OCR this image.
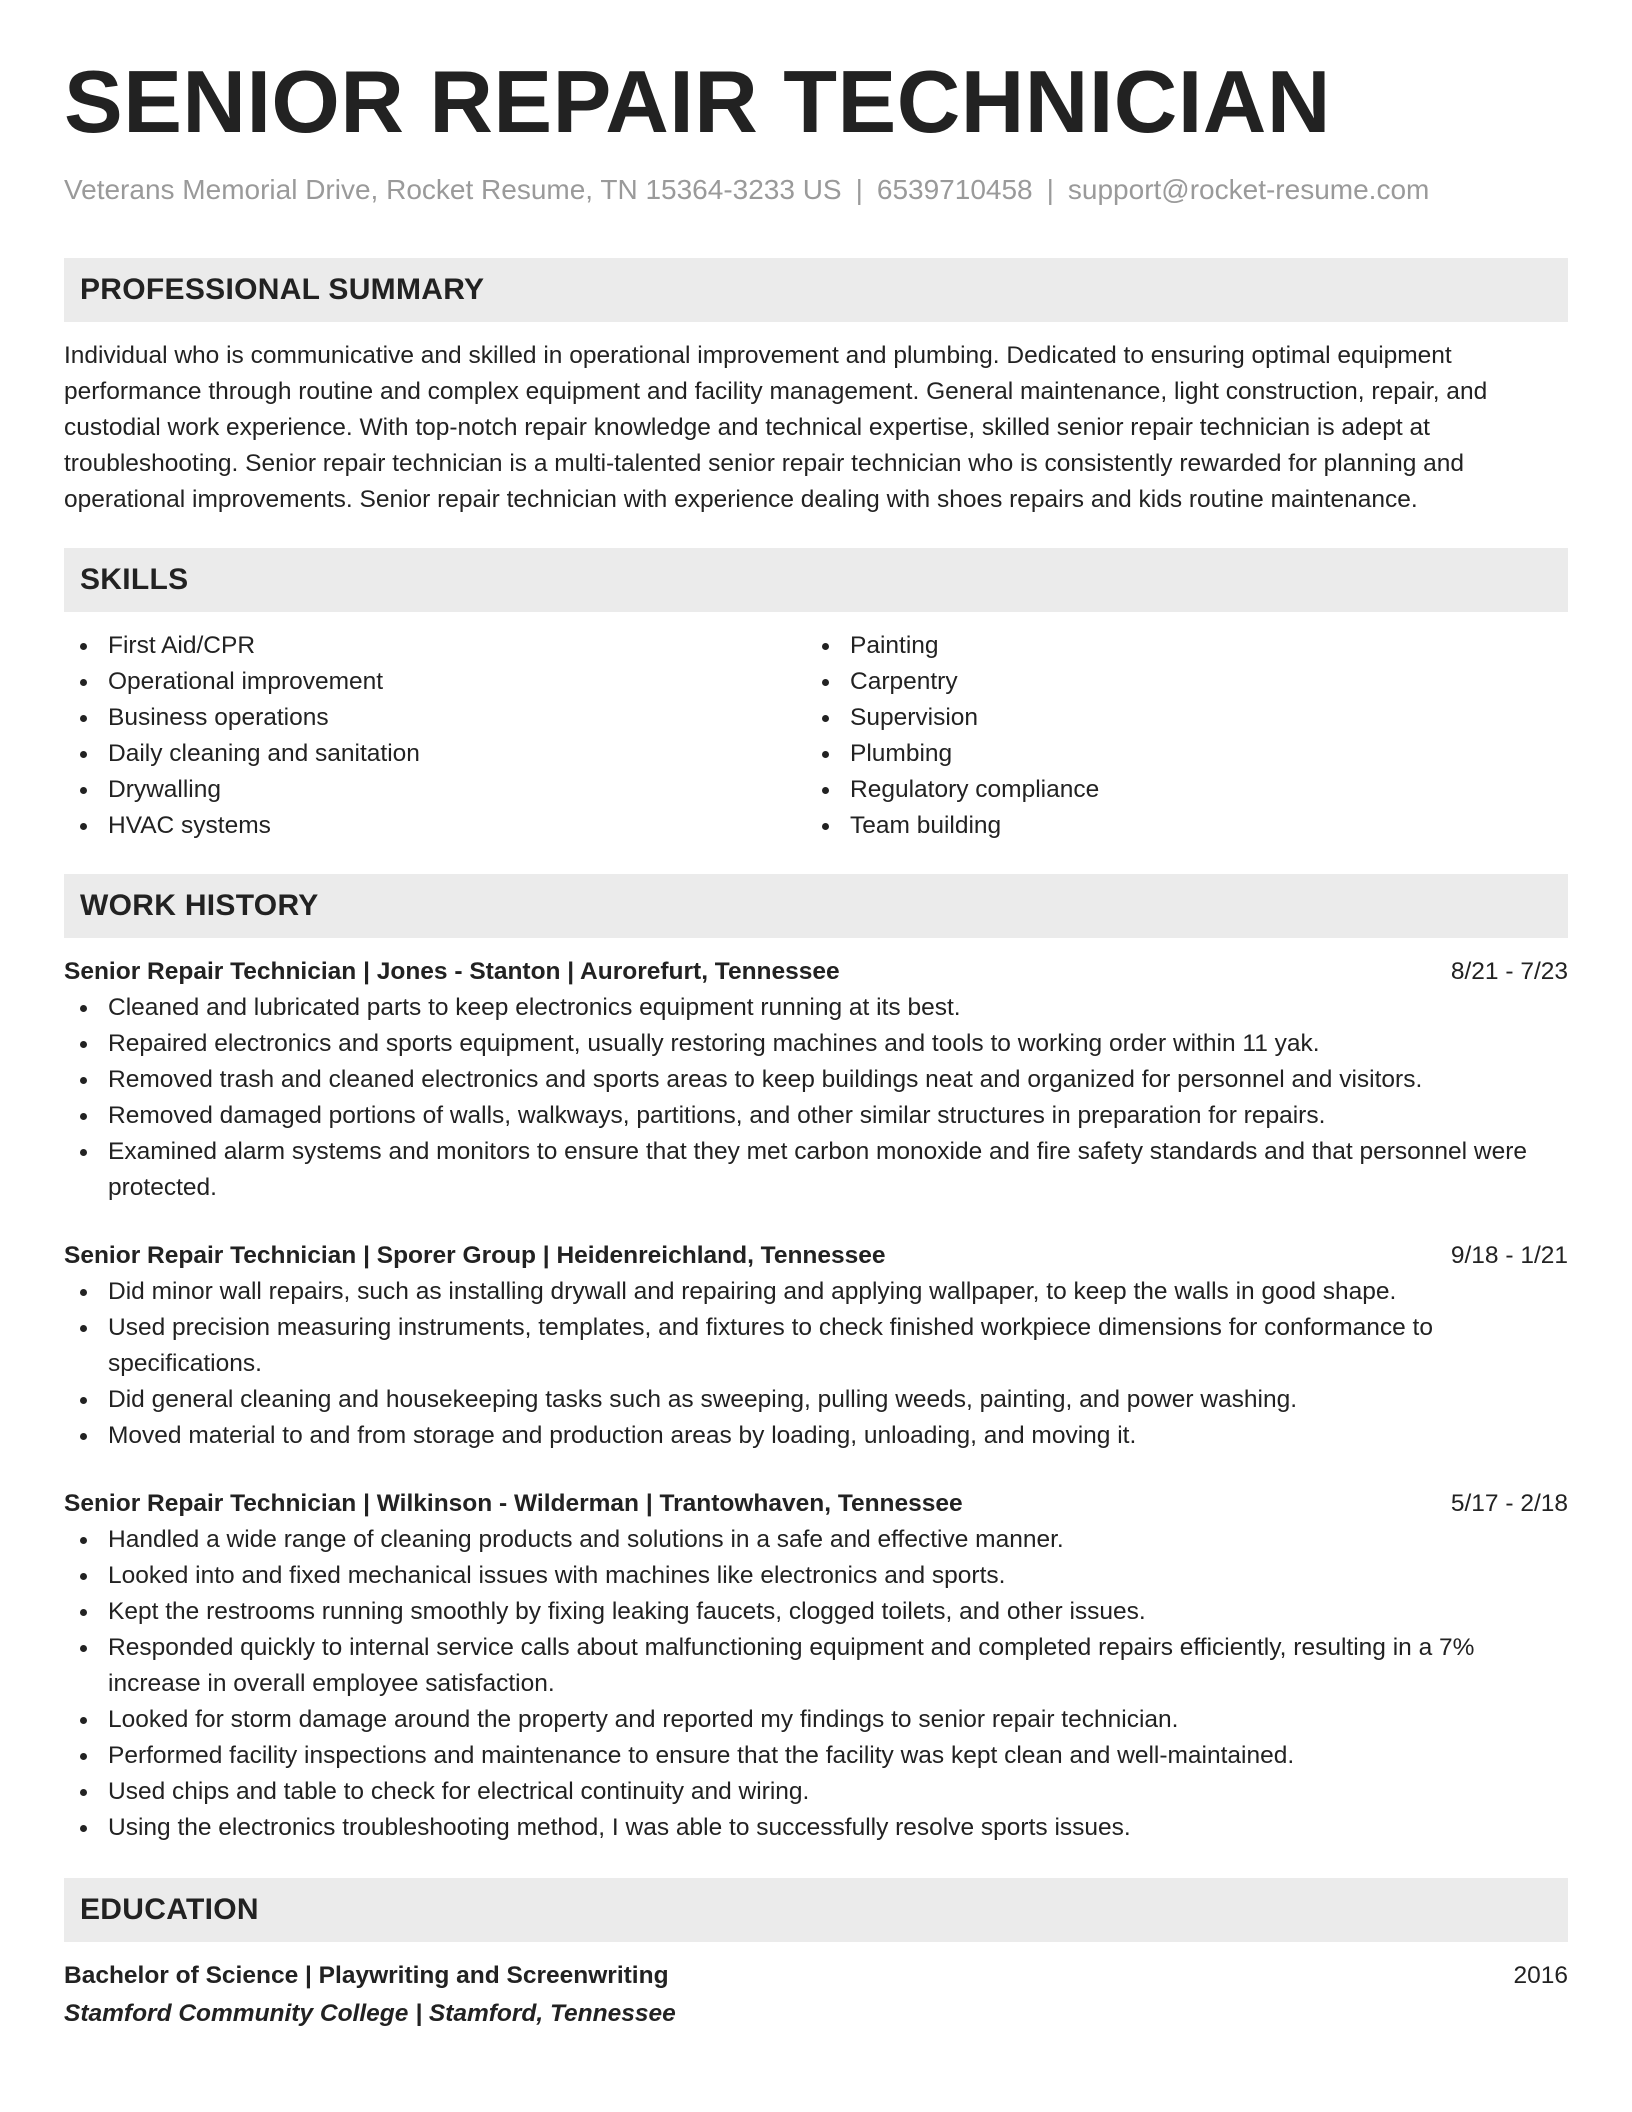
SENIOR REPAIR TECHNICIAN
Veterans Memorial Drive, Rocket Resume, TN 15364-3233 US | 6539710458 | support@rocket-resume.com
PROFESSIONAL SUMMARY
Individual who is communicative and skilled in operational improvement and plumbing. Dedicated to ensuring optimal equipment performance through routine and complex equipment and facility management. General maintenance, light construction, repair, and custodial work experience. With top-notch repair knowledge and technical expertise, skilled senior repair technician is adept at troubleshooting. Senior repair technician is a multi-talented senior repair technician who is consistently rewarded for planning and operational improvements. Senior repair technician with experience dealing with shoes repairs and kids routine maintenance.
SKILLS
First Aid/CPR
Operational improvement
Business operations
Daily cleaning and sanitation
Drywalling
HVAC systems
Painting
Carpentry
Supervision
Plumbing
Regulatory compliance
Team building
WORK HISTORY
Senior Repair Technician | Jones - Stanton | Aurorefurt, Tennessee	8/21 - 7/23
Cleaned and lubricated parts to keep electronics equipment running at its best.
Repaired electronics and sports equipment, usually restoring machines and tools to working order within 11 yak.
Removed trash and cleaned electronics and sports areas to keep buildings neat and organized for personnel and visitors.
Removed damaged portions of walls, walkways, partitions, and other similar structures in preparation for repairs.
Examined alarm systems and monitors to ensure that they met carbon monoxide and fire safety standards and that personnel were protected.
Senior Repair Technician | Sporer Group | Heidenreichland, Tennessee	9/18 - 1/21
Did minor wall repairs, such as installing drywall and repairing and applying wallpaper, to keep the walls in good shape.
Used precision measuring instruments, templates, and fixtures to check finished workpiece dimensions for conformance to specifications.
Did general cleaning and housekeeping tasks such as sweeping, pulling weeds, painting, and power washing.
Moved material to and from storage and production areas by loading, unloading, and moving it.
Senior Repair Technician | Wilkinson - Wilderman | Trantowhaven, Tennessee	5/17 - 2/18
Handled a wide range of cleaning products and solutions in a safe and effective manner.
Looked into and fixed mechanical issues with machines like electronics and sports.
Kept the restrooms running smoothly by fixing leaking faucets, clogged toilets, and other issues.
Responded quickly to internal service calls about malfunctioning equipment and completed repairs efficiently, resulting in a 7% increase in overall employee satisfaction.
Looked for storm damage around the property and reported my findings to senior repair technician.
Performed facility inspections and maintenance to ensure that the facility was kept clean and well-maintained.
Used chips and table to check for electrical continuity and wiring.
Using the electronics troubleshooting method, I was able to successfully resolve sports issues.
EDUCATION
Bachelor of Science | Playwriting and Screenwriting	2016
Stamford Community College | Stamford, Tennessee
